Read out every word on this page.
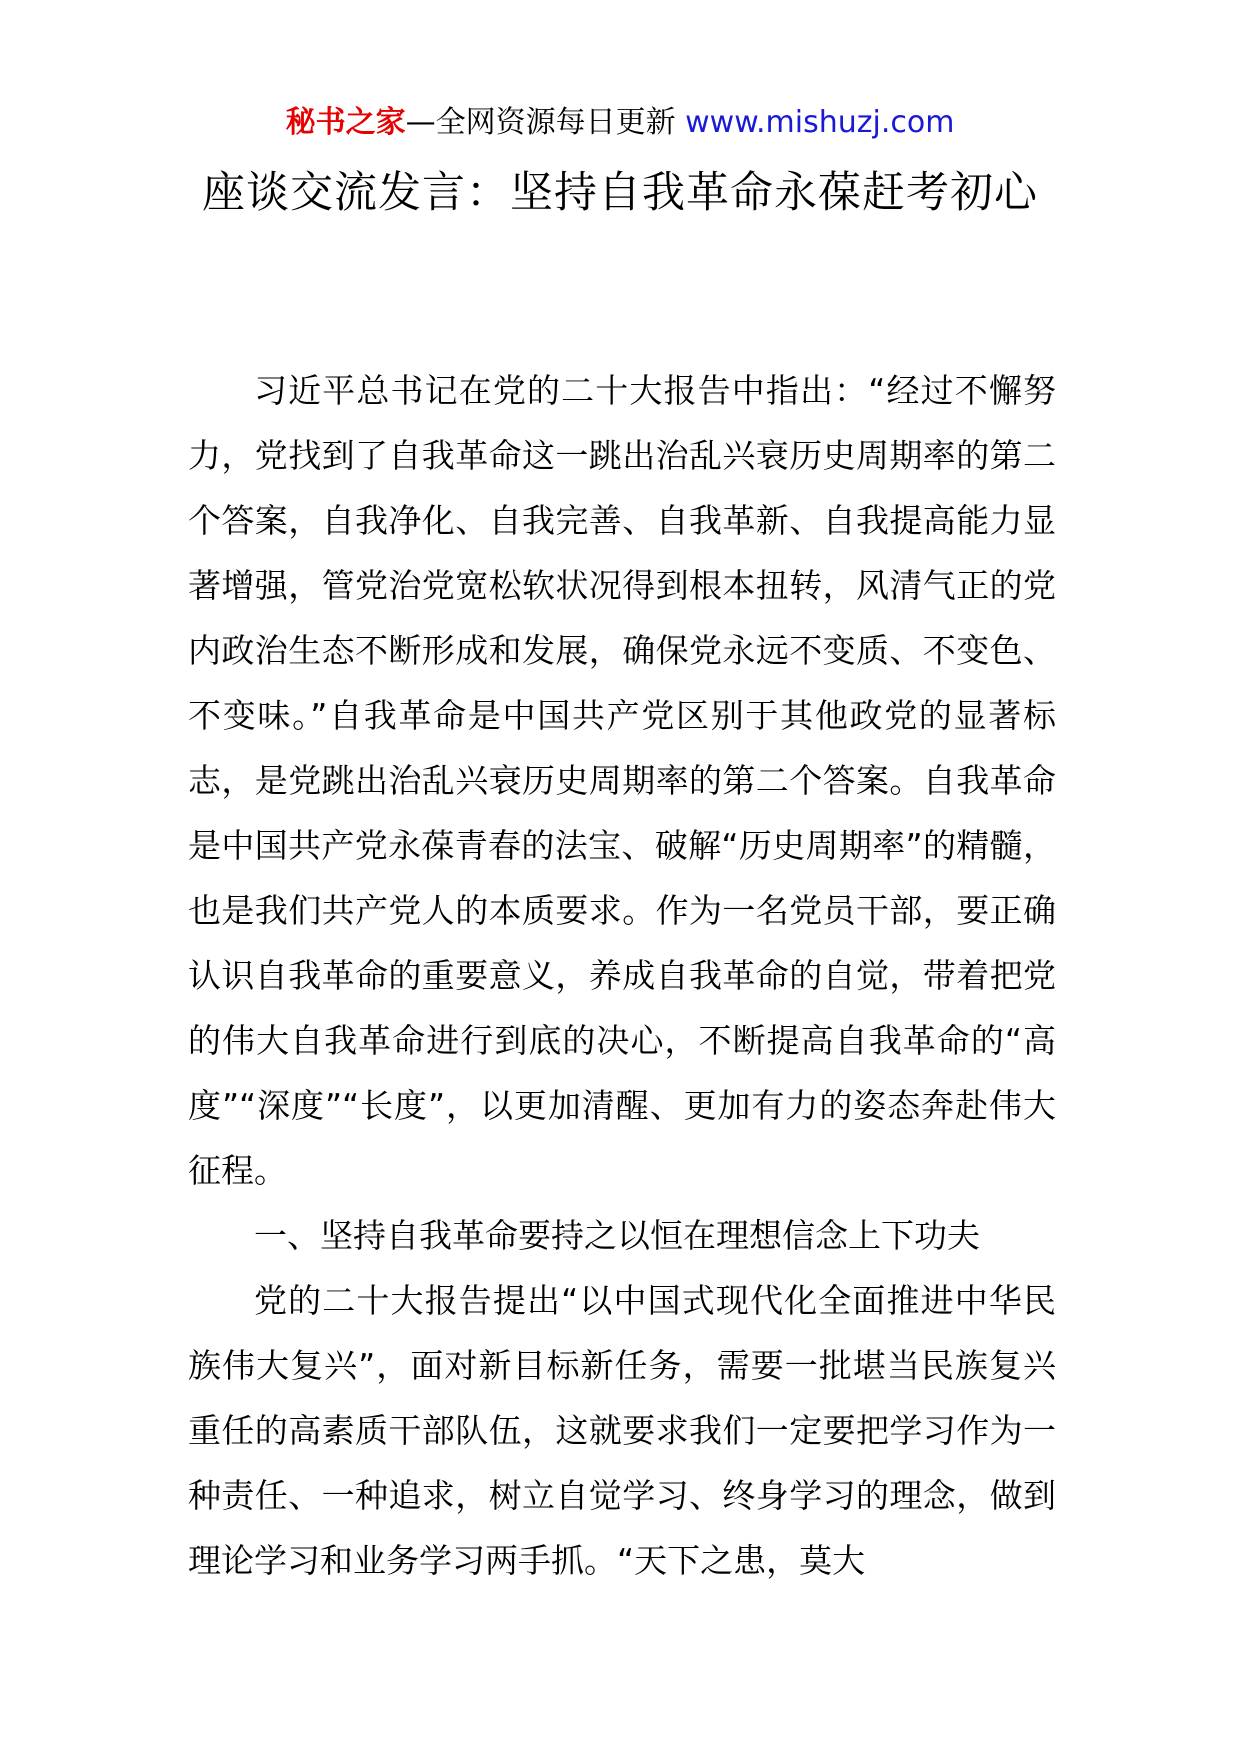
秘书之家—全网资源每日更新 www.mishuzj.com
座谈交流发言：坚持自我革命永葆赶考初心

习近平总书记在党的二十大报告中指出：“经过不懈努力，党找到了自我革命这一跳出治乱兴衰历史周期率的第二个答案，自我净化、自我完善、自我革新、自我提高能力显著增强，管党治党宽松软状况得到根本扭转，风清气正的党内政治生态不断形成和发展，确保党永远不变质、不变色、不变味。”自我革命是中国共产党区别于其他政党的显著标志，是党跳出治乱兴衰历史周期率的第二个答案。自我革命是中国共产党永葆青春的法宝、破解“历史周期率”的精髓，也是我们共产党人的本质要求。作为一名党员干部，要正确认识自我革命的重要意义，养成自我革命的自觉，带着把党的伟大自我革命进行到底的决心，不断提高自我革命的“高度”“深度”“长度”，以更加清醒、更加有力的姿态奔赴伟大征程。

一、坚持自我革命要持之以恒在理想信念上下功夫

党的二十大报告提出“以中国式现代化全面推进中华民族伟大复兴”，面对新目标新任务，需要一批堪当民族复兴重任的高素质干部队伍，这就要求我们一定要把学习作为一种责任、一种追求，树立自觉学习、终身学习的理念，做到理论学习和业务学习两手抓。“天下之患，莫大
